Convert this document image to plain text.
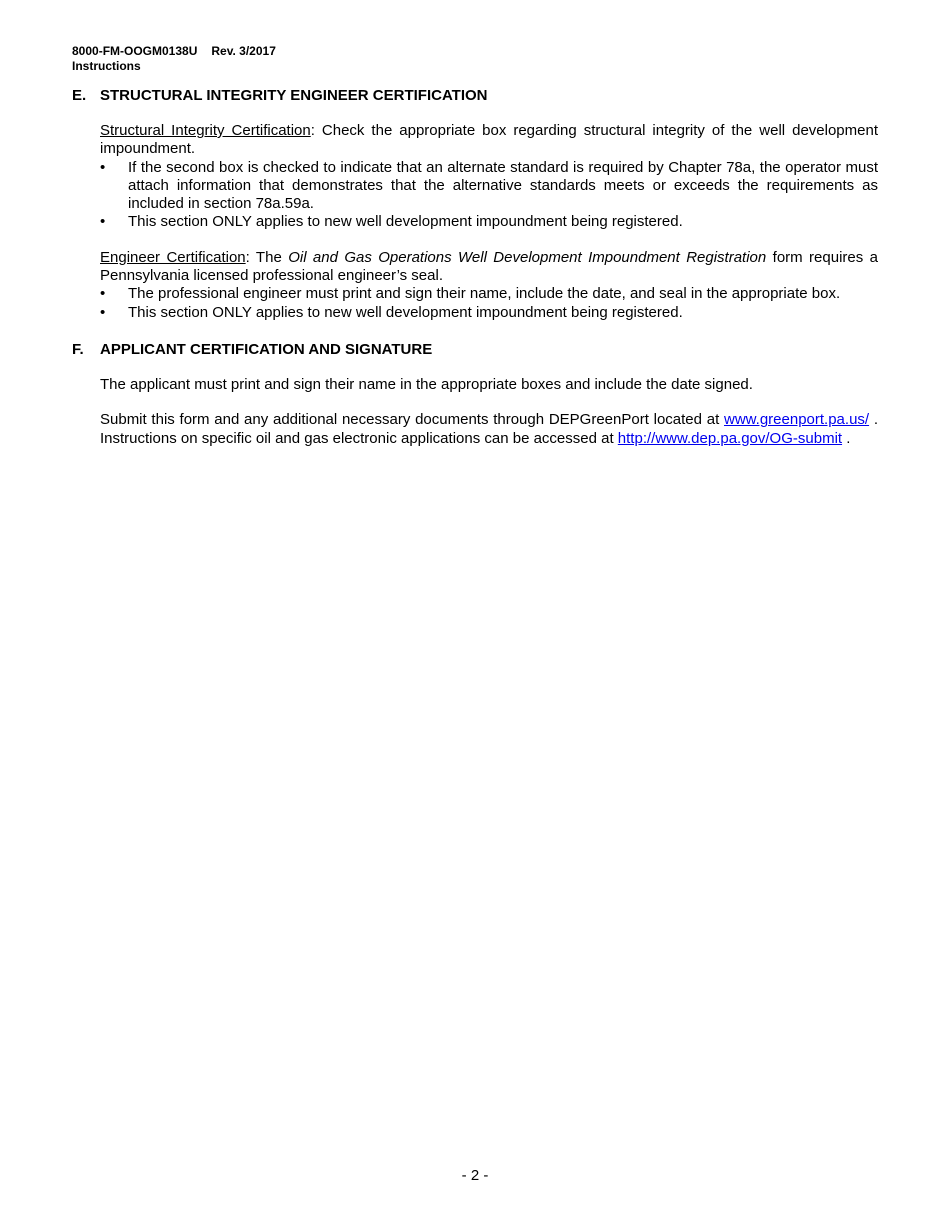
8000-FM-OOGM0138U Rev. 3/2017
Instructions
E. STRUCTURAL INTEGRITY ENGINEER CERTIFICATION

Structural Integrity Certification: Check the appropriate box regarding structural integrity of the well development impoundment.

• If the second box is checked to indicate that an alternate standard is required by Chapter 78a, the operator must attach information that demonstrates that the alternative standards meets or exceeds the requirements as included in section 78a.59a.
• This section ONLY applies to new well development impoundment being registered.

Engineer Certification: The Oil and Gas Operations Well Development Impoundment Registration form requires a Pennsylvania licensed professional engineer’s seal.

• The professional engineer must print and sign their name, include the date, and seal in the appropriate box.
• This section ONLY applies to new well development impoundment being registered.
F.	APPLICANT CERTIFICATION AND SIGNATURE

The applicant must print and sign their name in the appropriate boxes and include the date signed.

Submit this form and any additional necessary documents through DEPGreenPort located at www.greenport.pa.us/ . Instructions on specific oil and gas electronic applications can be accessed at http://www.dep.pa.gov/OG-submit .

- 2 -
